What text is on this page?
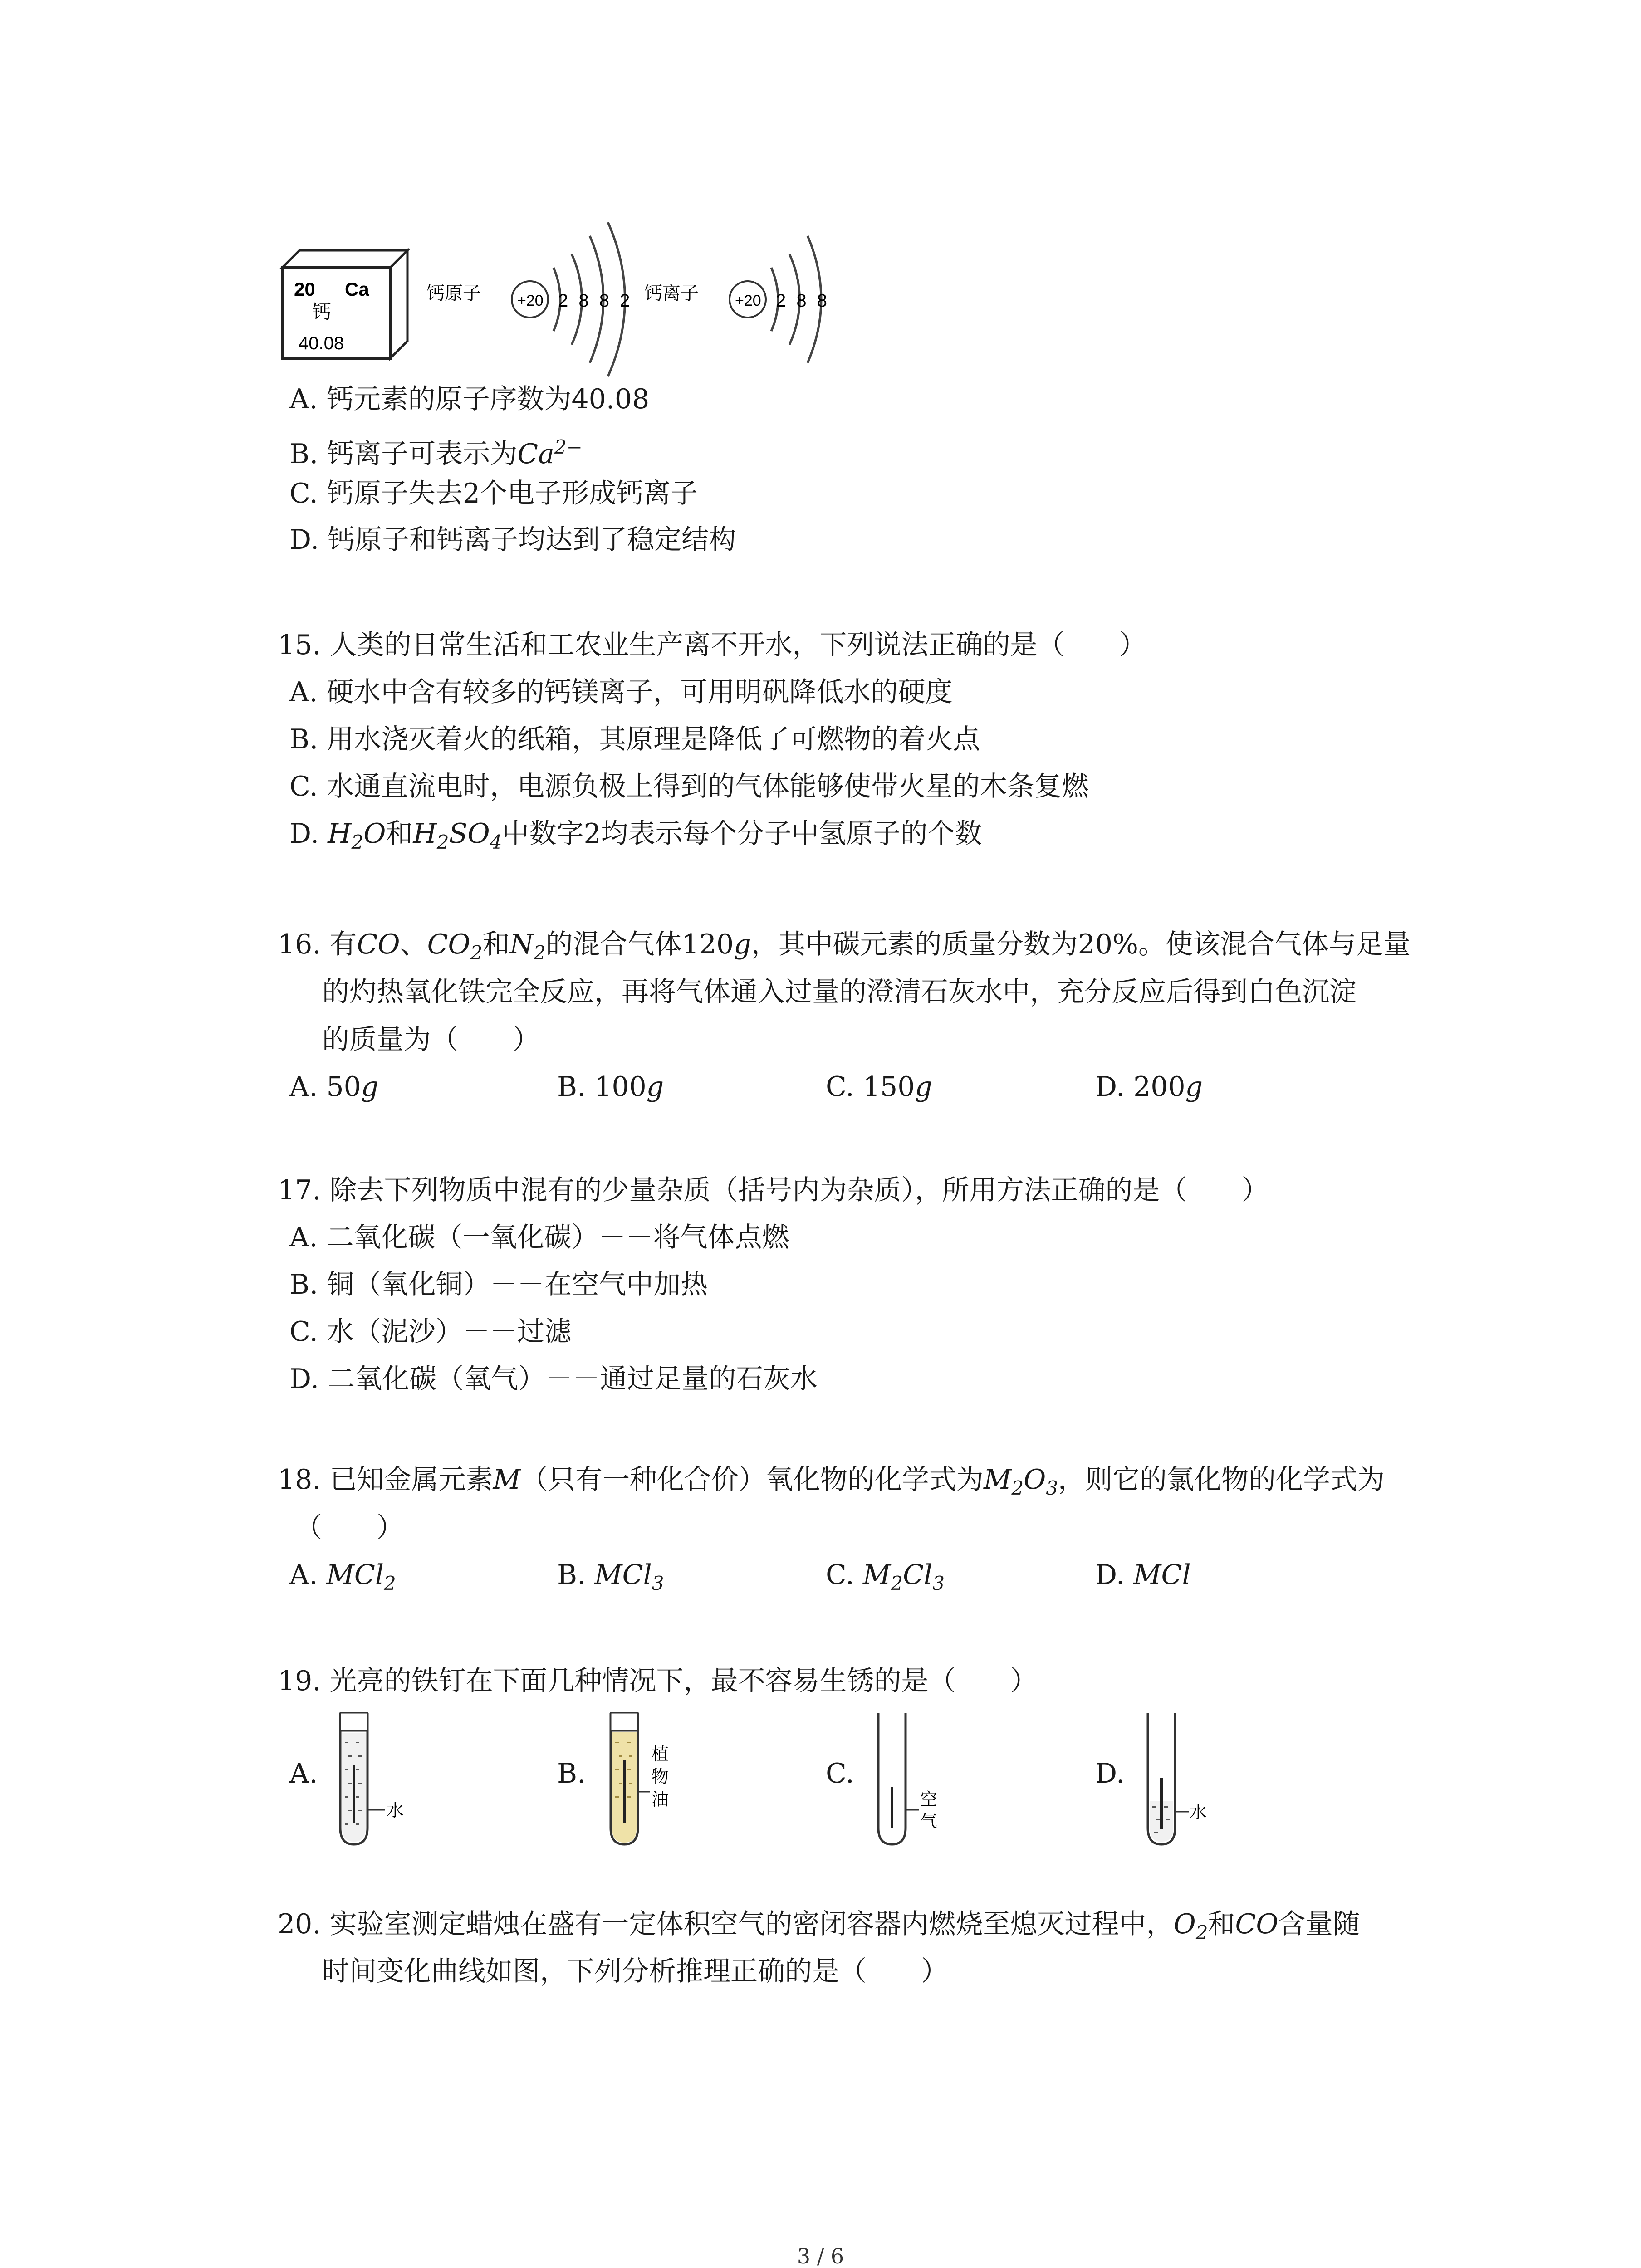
20 Ca
钙
40.08
钙原子 +20 2 8 8 2 钙离子 +20 2 8 8
A. 钙元素的原子序数为40.08
B. 钙离子可表示为$Ca^{2-}$
C. 钙原子失去2个电子形成钙离子
D. 钙原子和钙离子均达到了稳定结构
15. 人类的日常生活和工农业生产离不开水，下列说法正确的是（　　）
A. 硬水中含有较多的钙镁离子，可用明矾降低水的硬度
B. 用水浇灭着火的纸箱，其原理是降低了可燃物的着火点
C. 水通直流电时，电源负极上得到的气体能够使带火星的木条复燃
D. $H_2O$和$H_2SO_4$中数字2均表示每个分子中氢原子的个数
16. 有CO、$CO_2$和$N_2$的混合气体120g，其中碳元素的质量分数为20%。使该混合气体与足量
的灼热氧化铁完全反应，再将气体通入过量的澄清石灰水中，充分反应后得到白色沉淀
的质量为（　　）
A. 50g	B. 100g	C. 150g	D. 200g
17. 除去下列物质中混有的少量杂质（括号内为杂质），所用方法正确的是（　　）
A. 二氧化碳（一氧化碳）－－将气体点燃
B. 铜（氧化铜）－－在空气中加热
C. 水（泥沙）－－过滤
D. 二氧化碳（氧气）－－通过足量的石灰水
18. 已知金属元素M（只有一种化合价）氧化物的化学式为$M_2O_3$，则它的氯化物的化学式为
（　　）
A. MCl$_2$	B. MCl$_3$	C. $M_2Cl_3$	D. MCl
19. 光亮的铁钉在下面几种情况下，最不容易生锈的是（　　）
A.	B.	C.	D.
水
植
物
油	空
气	水
20. 实验室测定蜡烛在盛有一定体积空气的密闭容器内燃烧至熄灭过程中，$O_2$和CO含量随
时间变化曲线如图，下列分析推理正确的是（　　）
3 / 6
